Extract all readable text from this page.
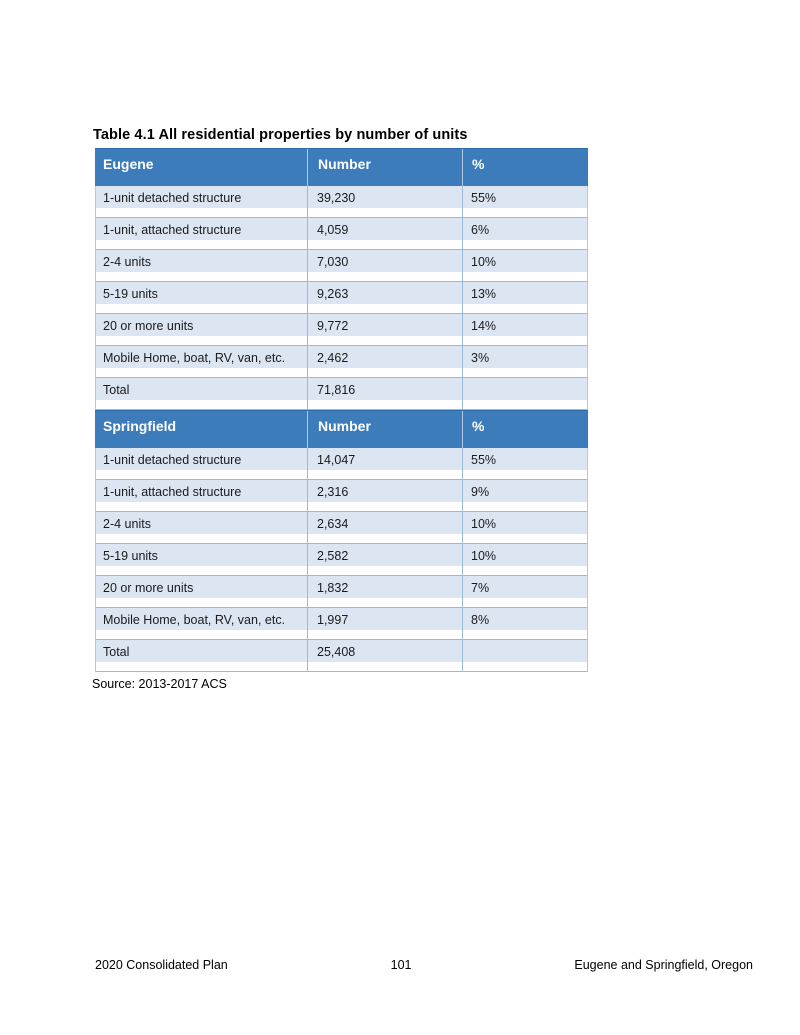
Table 4.1 All residential properties by number of units
Eugene	Number	%
1-unit detached structure	39,230	55%
1-unit, attached structure	4,059	6%
2-4 units	7,030	10%
5-19 units	9,263	13%
20 or more units	9,772	14%
Mobile Home, boat, RV, van, etc.	2,462	3%
Total	71,816
Springfield	Number	%
1-unit detached structure	14,047	55%
1-unit, attached structure	2,316	9%
2-4 units	2,634	10%
5-19 units	2,582	10%
20 or more units	1,832	7%
Mobile Home, boat, RV, van, etc.	1,997	8%
Total	25,408
Source: 2013-2017 ACS
2020 Consolidated Plan	101	Eugene and Springfield, Oregon
